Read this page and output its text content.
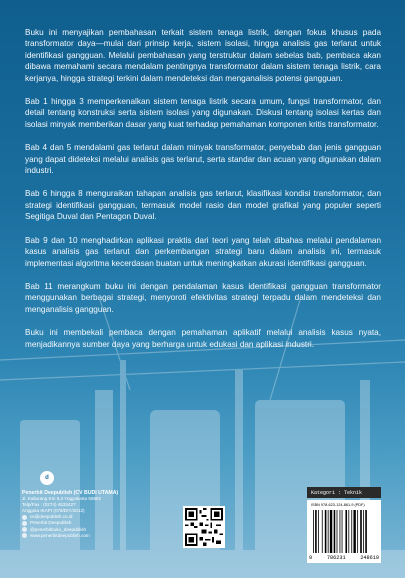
Buku ini menyajikan pembahasan terkait sistem tenaga listrik, dengan fokus khusus pada transformator daya—mulai dari prinsip kerja, sistem isolasi, hingga analisis gas terlarut untuk identifikasi gangguan. Melalui pembahasan yang terstruktur dalam sebelas bab, pembaca akan dibawa memahami secara mendalam pentingnya transformator dalam sistem tenaga listrik, cara kerjanya, hingga strategi terkini dalam mendeteksi dan menganalisis potensi gangguan.

Bab 1 hingga 3 memperkenalkan sistem tenaga listrik secara umum, fungsi transformator, dan detail tentang konstruksi serta sistem isolasi yang digunakan. Diskusi tentang isolasi kertas dan isolasi minyak memberikan dasar yang kuat terhadap pemahaman komponen kritis transformator.

Bab 4 dan 5 mendalami gas terlarut dalam minyak transformator, penyebab dan jenis gangguan yang dapat dideteksi melalui analisis gas terlarut, serta standar dan acuan yang digunakan dalam industri.

Bab 6 hingga 8 menguraikan tahapan analisis gas terlarut, klasifikasi kondisi transformator, dan strategi identifikasi gangguan, termasuk model rasio dan model grafikal yang populer seperti Segitiga Duval dan Pentagon Duval.

Bab 9 dan 10 menghadirkan aplikasi praktis dari teori yang telah dibahas melalui pendalaman kasus analisis gas terlarut dan perkembangan strategi baru dalam analisis ini, termasuk implementasi algoritma kecerdasan buatan untuk meningkatkan akurasi identifikasi gangguan.

Bab 11 merangkum buku ini dengan pendalaman kasus identifikasi gangguan transformator menggunakan berbagai strategi, menyoroti efektivitas strategi terpadu dalam mendeteksi dan menganalisis gangguan.

Buku ini membekali pembaca dengan pemahaman aplikatif melalui analisis kasus nyata, menjadikannya sumber daya yang berharga untuk edukasi dan aplikasi industri.

d
Penerbit Deepublish (CV BUDI UTAMA)
Jl. Kaliurang Km 9,3 Yogyakarta 55581
Telp/Fax : (0274) 4533427
Anggota IKAPI (076/DIY/2012)
cs@deepublish.co.id
Penerbit Deepublish
@penerbitbuku_deepublish
www.penerbitdeepublish.com
Kategori : Teknik
ISBN 978-623-124-861-9 (PDF)
9	786231	248619
